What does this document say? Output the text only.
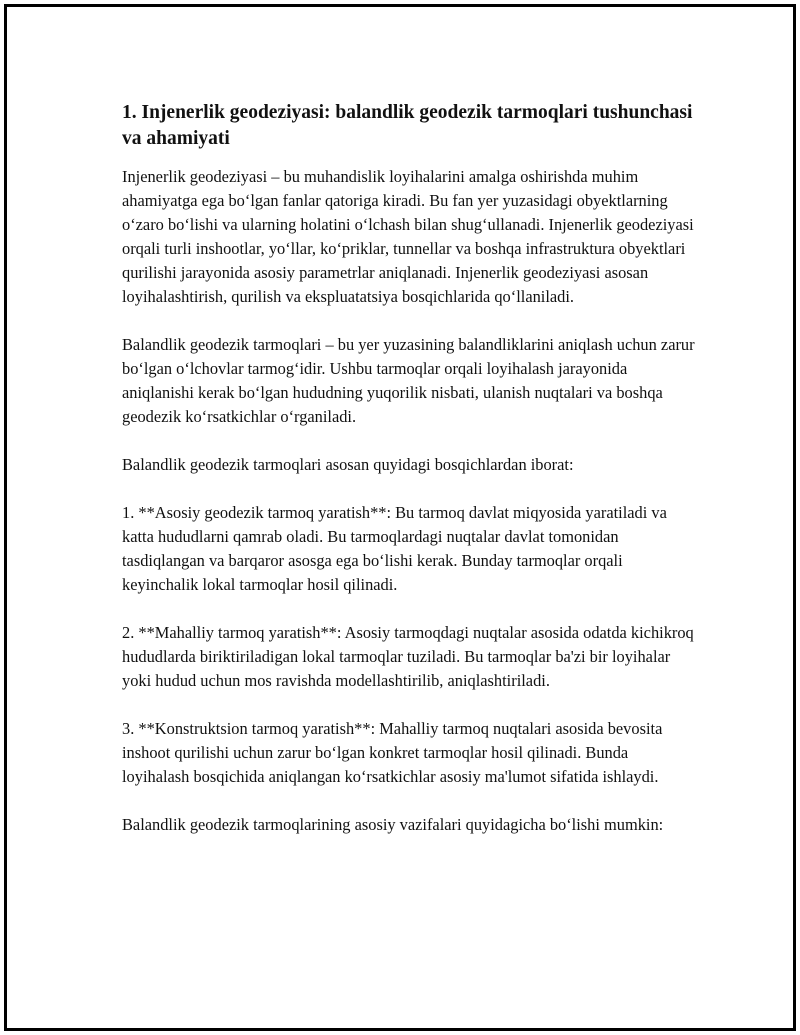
1. Injenerlik geodeziyasi: balandlik geodezik tarmoqlari tushunchasi va ahamiyati

Injenerlik geodeziyasi – bu muhandislik loyihalarini amalga oshirishda muhim ahamiyatga ega bo‘lgan fanlar qatoriga kiradi. Bu fan yer yuzasidagi obyektlarning o‘zaro bo‘lishi va ularning holatini o‘lchash bilan shug‘ullanadi. Injenerlik geodeziyasi orqali turli inshootlar, yo‘llar, ko‘priklar, tunnellar va boshqa infrastruktura obyektlari qurilishi jarayonida asosiy parametrlar aniqlanadi. Injenerlik geodeziyasi asosan loyihalashtirish, qurilish va ekspluatatsiya bosqichlarida qo‘llaniladi.

Balandlik geodezik tarmoqlari – bu yer yuzasining balandliklarini aniqlash uchun zarur bo‘lgan o‘lchovlar tarmog‘idir. Ushbu tarmoqlar orqali loyihalash jarayonida aniqlanishi kerak bo‘lgan hududning yuqorilik nisbati, ulanish nuqtalari va boshqa geodezik ko‘rsatkichlar o‘rganiladi.

Balandlik geodezik tarmoqlari asosan quyidagi bosqichlardan iborat:

1. **Asosiy geodezik tarmoq yaratish**: Bu tarmoq davlat miqyosida yaratiladi va katta hududlarni qamrab oladi. Bu tarmoqlardagi nuqtalar davlat tomonidan tasdiqlangan va barqaror asosga ega bo‘lishi kerak. Bunday tarmoqlar orqali keyinchalik lokal tarmoqlar hosil qilinadi.

2. **Mahalliy tarmoq yaratish**: Asosiy tarmoqdagi nuqtalar asosida odatda kichikroq hududlarda biriktiriladigan lokal tarmoqlar tuziladi. Bu tarmoqlar ba'zi bir loyihalar yoki hudud uchun mos ravishda modellashtirilib, aniqlashtiriladi.

3. **Konstruktsion tarmoq yaratish**: Mahalliy tarmoq nuqtalari asosida bevosita inshoot qurilishi uchun zarur bo‘lgan konkret tarmoqlar hosil qilinadi. Bunda loyihalash bosqichida aniqlangan ko‘rsatkichlar asosiy ma'lumot sifatida ishlaydi.

Balandlik geodezik tarmoqlarining asosiy vazifalari quyidagicha bo‘lishi mumkin:
